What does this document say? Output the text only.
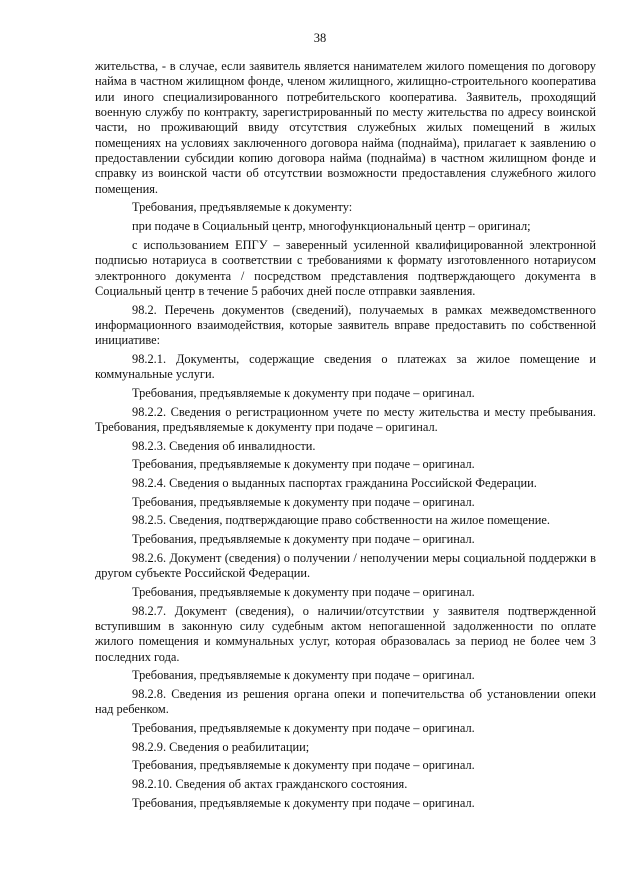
38

жительства, - в случае, если заявитель является нанимателем жилого помещения по договору найма в частном жилищном фонде, членом жилищного, жилищно-строительного кооператива или иного специализированного потребительского кооператива. Заявитель, проходящий военную службу по контракту, зарегистрированный по месту жительства по адресу воинской части, но проживающий ввиду отсутствия служебных жилых помещений в жилых помещениях на условиях заключенного договора найма (поднайма), прилагает к заявлению о предоставлении субсидии копию договора найма (поднайма) в частном жилищном фонде и справку из воинской части об отсутствии возможности предоставления служебного жилого помещения.

Требования, предъявляемые к документу:

при подаче в Социальный центр, многофункциональный центр – оригинал;

с использованием ЕПГУ – заверенный усиленной квалифицированной электронной подписью нотариуса в соответствии с требованиями к формату изготовленного нотариусом электронного документа / посредством представления подтверждающего документа в Социальный центр в течение 5 рабочих дней после отправки заявления.

98.2. Перечень документов (сведений), получаемых в рамках межведомственного информационного взаимодействия, которые заявитель вправе предоставить по собственной инициативе:

98.2.1. Документы, содержащие сведения о платежах за жилое помещение и коммунальные услуги.

Требования, предъявляемые к документу при подаче – оригинал.

98.2.2. Сведения о регистрационном учете по месту жительства и месту пребывания. Требования, предъявляемые к документу при подаче – оригинал.

98.2.3. Сведения об инвалидности.

Требования, предъявляемые к документу при подаче – оригинал.

98.2.4. Сведения о выданных паспортах гражданина Российской Федерации.

Требования, предъявляемые к документу при подаче – оригинал.

98.2.5. Сведения, подтверждающие право собственности на жилое помещение.

Требования, предъявляемые к документу при подаче – оригинал.

98.2.6. Документ (сведения) о получении / неполучении меры социальной поддержки в другом субъекте Российской Федерации.

Требования, предъявляемые к документу при подаче – оригинал.

98.2.7. Документ (сведения), о наличии/отсутствии у заявителя подтвержденной вступившим в законную силу судебным актом непогашенной задолженности по оплате жилого помещения и коммунальных услуг, которая образовалась за период не более чем 3 последних года.

Требования, предъявляемые к документу при подаче – оригинал.

98.2.8. Сведения из решения органа опеки и попечительства об установлении опеки над ребенком.

Требования, предъявляемые к документу при подаче – оригинал.

98.2.9. Сведения о реабилитации;

Требования, предъявляемые к документу при подаче – оригинал.

98.2.10. Сведения об актах гражданского состояния.

Требования, предъявляемые к документу при подаче – оригинал.
